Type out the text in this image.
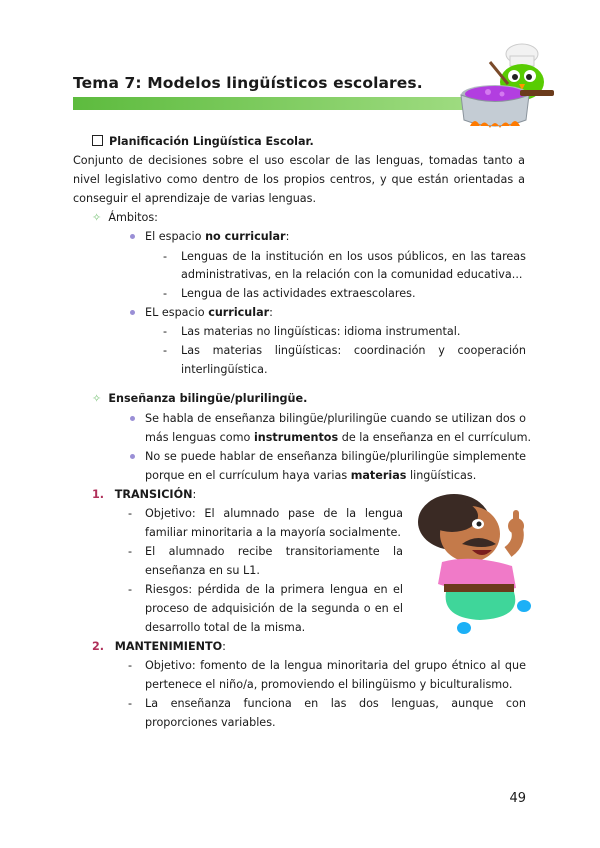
Tema 7: Modelos lingüísticos escolares.
Planificación Lingüística Escolar.
Conjunto de decisiones sobre el uso escolar de las lenguas, tomadas tanto a
nivel legislativo como dentro de los propios centros, y que están orientadas a
conseguir el aprendizaje de varias lenguas.
✧ Ámbitos:
El espacio no curricular:
- Lenguas de la institución en los usos públicos, en las tareas
administrativas, en la relación con la comunidad educativa...
- Lengua de las actividades extraescolares.
EL espacio curricular:
- Las materias no lingüísticas: idioma instrumental.
- Las materias lingüísticas: coordinación y cooperación
interlingüística.
✧ Enseñanza bilingüe/plurilingüe.
Se habla de enseñanza bilingüe/plurilingüe cuando se utilizan dos o
más lenguas como instrumentos de la enseñanza en el currículum.
No se puede hablar de enseñanza bilingüe/plurilingüe simplemente
porque en el currículum haya varias materias lingüísticas.
1. TRANSICIÓN:
- Objetivo: El alumnado pase de la lengua
familiar minoritaria a la mayoría socialmente.
- El alumnado recibe transitoriamente la
enseñanza en su L1.
- Riesgos: pérdida de la primera lengua en el
proceso de adquisición de la segunda o en el
desarrollo total de la misma.
2. MANTENIMIENTO:
- Objetivo: fomento de la lengua minoritaria del grupo étnico al que
pertenece el niño/a, promoviendo el bilingüismo y biculturalismo.
- La enseñanza funciona en las dos lenguas, aunque con
proporciones variables.
49
